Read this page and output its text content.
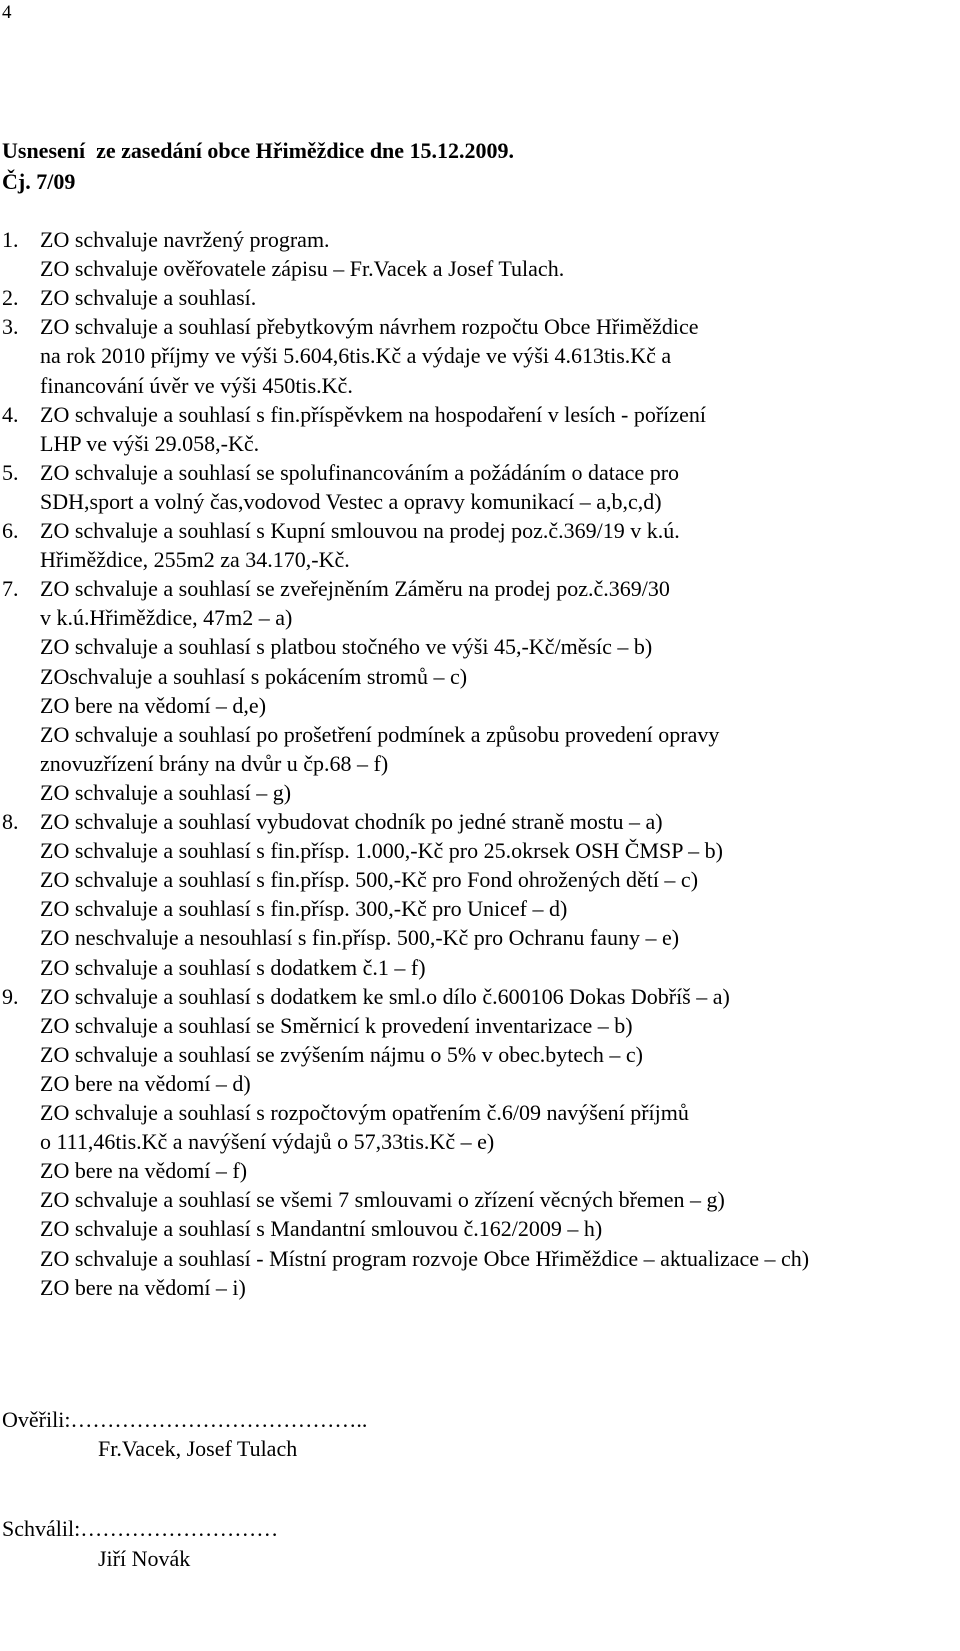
4
Usnesení  ze zasedání obce Hřiměždice dne 15.12.2009.
Čj. 7/09
1. ZO schvaluje navržený program.
ZO schvaluje ověřovatele zápisu – Fr.Vacek a Josef Tulach.
2. ZO schvaluje a souhlasí.
3. ZO schvaluje a souhlasí přebytkovým návrhem rozpočtu Obce Hřiměždice
na rok 2010 příjmy ve výši 5.604,6tis.Kč a výdaje ve výši 4.613tis.Kč a
financování úvěr ve výši 450tis.Kč.
4. ZO schvaluje a souhlasí s fin.příspěvkem na hospodaření v lesích - pořízení
LHP ve výši 29.058,-Kč.
5. ZO schvaluje a souhlasí se spolufinancováním a požádáním o datace pro
SDH,sport a volný čas,vodovod Vestec a opravy komunikací – a,b,c,d)
6. ZO schvaluje a souhlasí s Kupní smlouvou na prodej poz.č.369/19 v k.ú.
Hřiměždice, 255m2 za 34.170,-Kč.
7. ZO schvaluje a souhlasí se zveřejněním Záměru na prodej poz.č.369/30
v k.ú.Hřiměždice, 47m2 – a)
ZO schvaluje a souhlasí s platbou stočného ve výši 45,-Kč/měsíc – b)
ZOschvaluje a souhlasí s pokácením stromů – c)
ZO bere na vědomí – d,e)
ZO schvaluje a souhlasí po prošetření podmínek a způsobu provedení opravy
znovuzřízení brány na dvůr u čp.68 – f)
ZO schvaluje a souhlasí – g)
8. ZO schvaluje a souhlasí vybudovat chodník po jedné straně mostu – a)
ZO schvaluje a souhlasí s fin.přísp. 1.000,-Kč pro 25.okrsek OSH ČMSP – b)
ZO schvaluje a souhlasí s fin.přísp. 500,-Kč pro Fond ohrožených dětí – c)
ZO schvaluje a souhlasí s fin.přísp. 300,-Kč pro Unicef – d)
ZO neschvaluje a nesouhlasí s fin.přísp. 500,-Kč pro Ochranu fauny – e)
ZO schvaluje a souhlasí s dodatkem č.1 – f)
9. ZO schvaluje a souhlasí s dodatkem ke sml.o dílo č.600106 Dokas Dobříš – a)
ZO schvaluje a souhlasí se Směrnicí k provedení inventarizace – b)
ZO schvaluje a souhlasí se zvýšením nájmu o 5% v obec.bytech – c)
ZO bere na vědomí – d)
ZO schvaluje a souhlasí s rozpočtovým opatřením č.6/09 navýšení příjmů
o 111,46tis.Kč a navýšení výdajů o 57,33tis.Kč – e)
ZO bere na vědomí – f)
ZO schvaluje a souhlasí se všemi 7 smlouvami o zřízení věcných břemen – g)
ZO schvaluje a souhlasí s Mandantní smlouvou č.162/2009 – h)
ZO schvaluje a souhlasí - Místní program rozvoje Obce Hřiměždice – aktualizace – ch)
ZO bere na vědomí – i)
Ověřili:…………………………………..
Fr.Vacek, Josef Tulach
Schválil:………………………
Jiří Novák
